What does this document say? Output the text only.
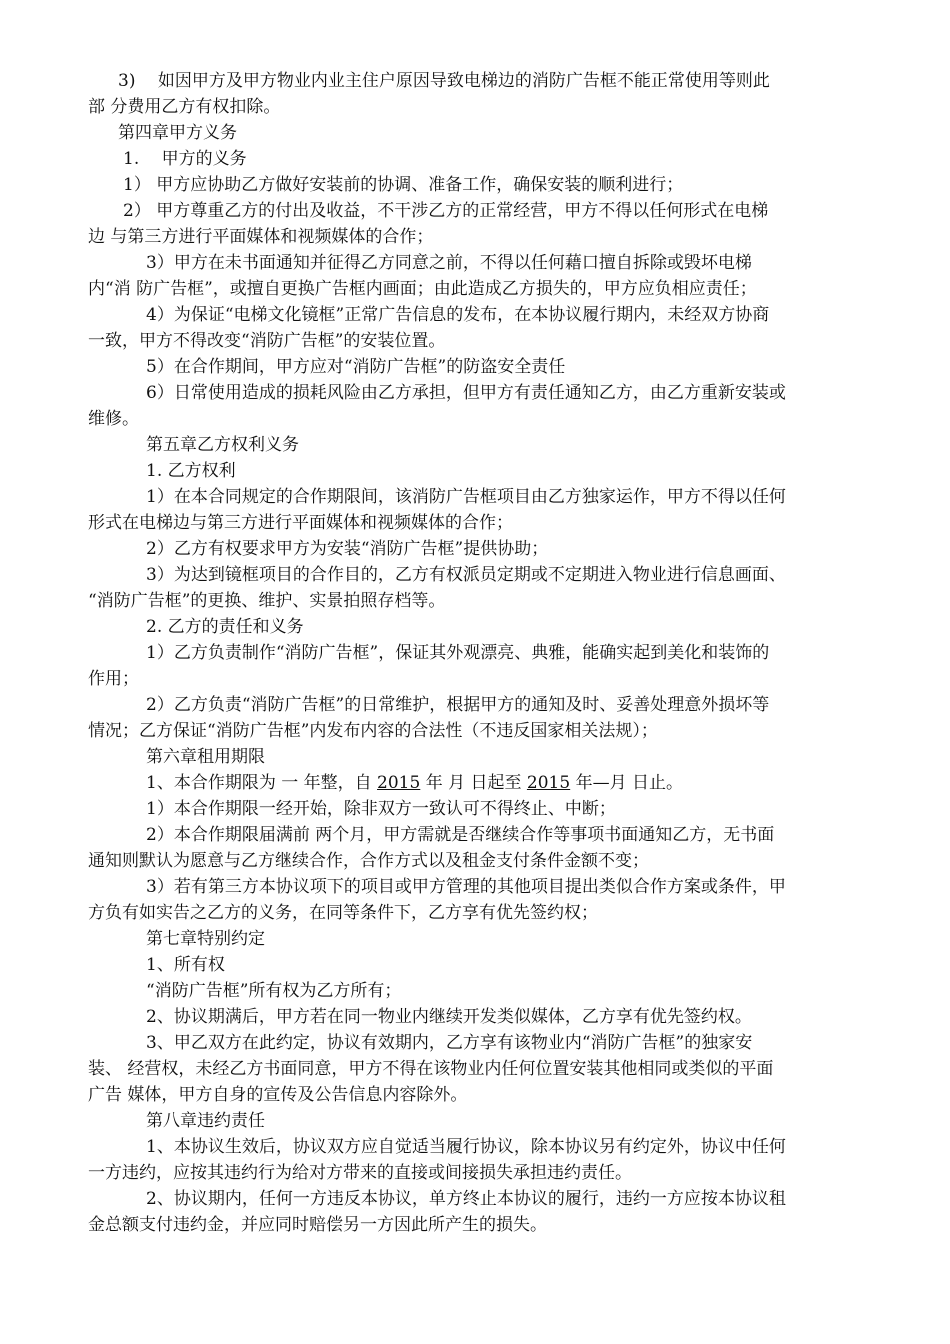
3)　 如因甲方及甲方物业内业主住户原因导致电梯边的消防广告框不能正常使用等则此
部 分费用乙方有权扣除。
第四章甲方义务
1.　 甲方的义务
1） 甲方应协助乙方做好安装前的协调、准备工作，确保安装的顺利进行；
2） 甲方尊重乙方的付出及收益，不干涉乙方的正常经营，甲方不得以任何形式在电梯
边 与第三方进行平面媒体和视频媒体的合作；
3）甲方在未书面通知并征得乙方同意之前，不得以任何藉口擅自拆除或毁坏电梯
内“消 防广告框”，或擅自更换广告框内画面；由此造成乙方损失的，甲方应负相应责任；
4）为保证“电梯文化镜框”正常广告信息的发布，在本协议履行期内，未经双方协商
一致，甲方不得改变“消防广告框”的安装位置。
5）在合作期间，甲方应对“消防广告框”的防盗安全责任
6）日常使用造成的损耗风险由乙方承担，但甲方有责任通知乙方，由乙方重新安装或
维修。
第五章乙方权利义务
1. 乙方权利
1）在本合同规定的合作期限间，该消防广告框项目由乙方独家运作，甲方不得以任何
形式在电梯边与第三方进行平面媒体和视频媒体的合作；
2）乙方有权要求甲方为安装“消防广告框”提供协助；
3）为达到镜框项目的合作目的，乙方有权派员定期或不定期进入物业进行信息画面、
“消防广告框”的更换、维护、实景拍照存档等。
2. 乙方的责任和义务
1）乙方负责制作“消防广告框”，保证其外观漂亮、典雅，能确实起到美化和装饰的
作用；
2）乙方负责“消防广告框”的日常维护，根据甲方的通知及时、妥善处理意外损坏等
情况；乙方保证“消防广告框”内发布内容的合法性（不违反国家相关法规）；
第六章租用期限
1、本合作期限为 一 年整，自 2015 年 月 日起至 2015 年—月 日止。
1）本合作期限一经开始，除非双方一致认可不得终止、中断；
2）本合作期限届满前 两个月，甲方需就是否继续合作等事项书面通知乙方，无书面
通知则默认为愿意与乙方继续合作，合作方式以及租金支付条件金额不变；
3）若有第三方本协议项下的项目或甲方管理的其他项目提出类似合作方案或条件，甲
方负有如实告之乙方的义务，在同等条件下，乙方享有优先签约权；
第七章特别约定
1、所有权
“消防广告框”所有权为乙方所有；
2、协议期满后，甲方若在同一物业内继续开发类似媒体，乙方享有优先签约权。
3、甲乙双方在此约定，协议有效期内，乙方享有该物业内“消防广告框”的独家安
装、 经营权，未经乙方书面同意，甲方不得在该物业内任何位置安装其他相同或类似的平面
广告 媒体，甲方自身的宣传及公告信息内容除外。
第八章违约责任
1、本协议生效后，协议双方应自觉适当履行协议，除本协议另有约定外，协议中任何
一方违约，应按其违约行为给对方带来的直接或间接损失承担违约责任。
2、协议期内，任何一方违反本协议，单方终止本协议的履行，违约一方应按本协议租
金总额支付违约金，并应同时赔偿另一方因此所产生的损失。
